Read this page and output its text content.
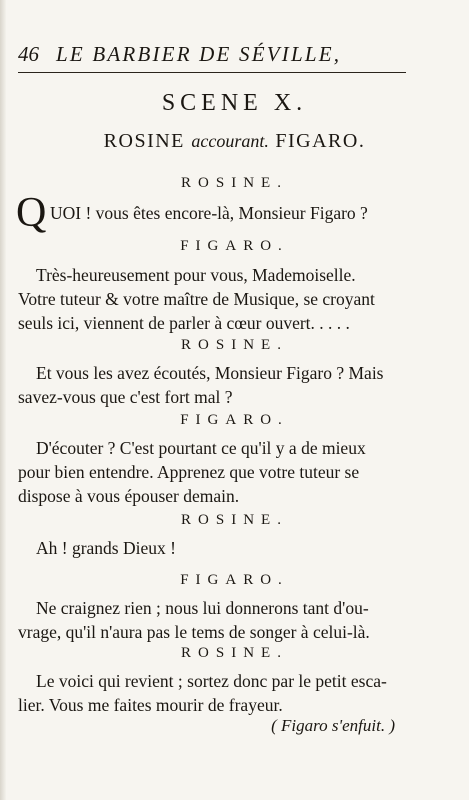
46 LE BARBIER DE SÉVILLE,
SCENE X.
ROSINE accourant. FIGARO.
ROSINE.
Q UOI ! vous êtes encore-là, Monsieur Figaro ?
FIGARO.
Très-heureusement pour vous, Mademoiselle.
Votre tuteur & votre maître de Musique, se croyant
seuls ici, viennent de parler à cœur ouvert. . . . .
ROSINE.
Et vous les avez écoutés, Monsieur Figaro ? Mais
savez-vous que c'est fort mal ?
FIGARO.
D'écouter ? C'est pourtant ce qu'il y a de mieux
pour bien entendre. Apprenez que votre tuteur se
dispose à vous épouser demain.
ROSINE.
Ah ! grands Dieux !
FIGARO.
Ne craignez rien ; nous lui donnerons tant d'ou-
vrage, qu'il n'aura pas le tems de songer à celui-là.
ROSINE.
Le voici qui revient ; sortez donc par le petit esca-
lier. Vous me faites mourir de frayeur.
( Figaro s'enfuit. )
